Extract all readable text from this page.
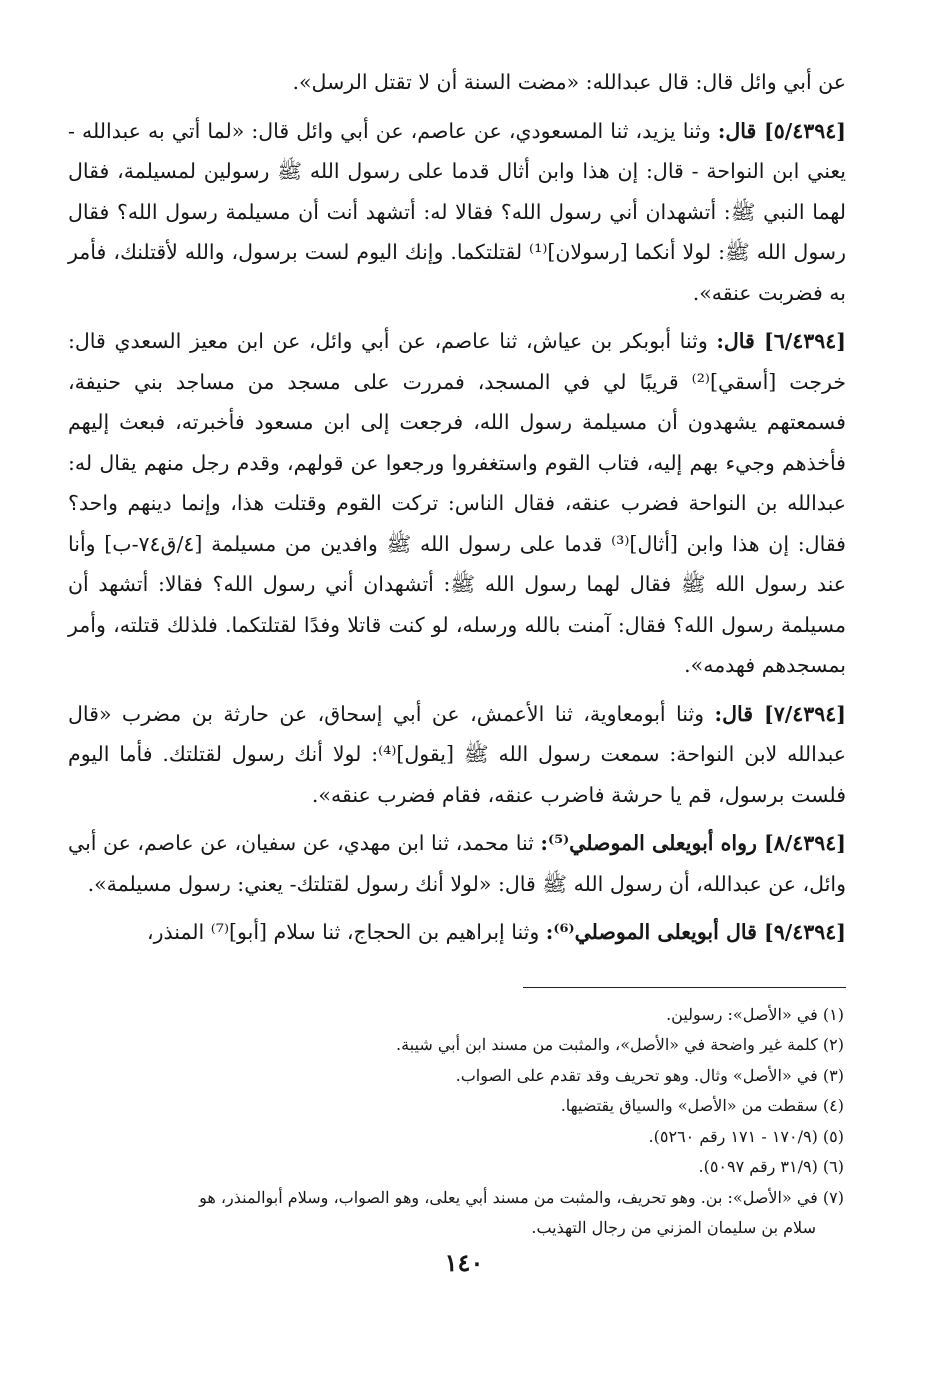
عن أبي وائل قال: قال عبدالله: «مضت السنة أن لا تقتل الرسل».

[٥/٤٣٩٤] قال: وثنا يزيد، ثنا المسعودي، عن عاصم، عن أبي وائل قال: «لما أتي به عبدالله - يعني ابن النواحة - قال: إن هذا وابن أثال قدما على رسول الله ﷺ رسولين لمسيلمة، فقال لهما النبي ﷺ: أتشهدان أني رسول الله؟ فقالا له: أتشهد أنت أن مسيلمة رسول الله؟ فقال رسول الله ﷺ: لولا أنكما [رسولان]⁽¹⁾ لقتلتكما. وإنك اليوم لست برسول، والله لأقتلنك، فأمر به فضربت عنقه».

[٦/٤٣٩٤] قال: وثنا أبوبكر بن عياش، ثنا عاصم، عن أبي وائل، عن ابن معيز السعدي قال: خرجت [أسقي]⁽²⁾ قريبًا لي في المسجد، فمررت على مسجد من مساجد بني حنيفة، فسمعتهم يشهدون أن مسيلمة رسول الله، فرجعت إلى ابن مسعود فأخبرته، فبعث إليهم فأخذهم وجيء بهم إليه، فتاب القوم واستغفروا ورجعوا عن قولهم، وقدم رجل منهم يقال له: عبدالله بن النواحة فضرب عنقه، فقال الناس: تركت القوم وقتلت هذا، وإنما دينهم واحد؟ فقال: إن هذا وابن [أثال]⁽³⁾ قدما على رسول الله ﷺ وافدين من مسيلمة [٤/ق٧٤-ب] وأنا عند رسول الله ﷺ فقال لهما رسول الله ﷺ: أتشهدان أني رسول الله؟ فقالا: أتشهد أن مسيلمة رسول الله؟ فقال: آمنت بالله ورسله، لو كنت قاتلا وفدًا لقتلتكما. فلذلك قتلته، وأمر بمسجدهم فهدمه».

[٧/٤٣٩٤] قال: وثنا أبومعاوية، ثنا الأعمش، عن أبي إسحاق، عن حارثة بن مضرب «قال عبدالله لابن النواحة: سمعت رسول الله ﷺ [يقول]⁽⁴⁾: لولا أنك رسول لقتلتك. فأما اليوم فلست برسول، قم يا حرشة فاضرب عنقه، فقام فضرب عنقه».

[٨/٤٣٩٤] رواه أبويعلى الموصلي⁽⁵⁾: ثنا محمد، ثنا ابن مهدي، عن سفيان، عن عاصم، عن أبي وائل، عن عبدالله، أن رسول الله ﷺ قال: «لولا أنك رسول لقتلتك- يعني: رسول مسيلمة».

[٩/٤٣٩٤] قال أبويعلى الموصلي⁽⁶⁾: وثنا إبراهيم بن الحجاج، ثنا سلام [أبو]⁽⁷⁾ المنذر،

(١) في «الأصل»: رسولين.

(٢) كلمة غير واضحة في «الأصل»، والمثبت من مسند ابن أبي شيبة.

(٣) في «الأصل» وثال. وهو تحريف وقد تقدم على الصواب.

(٤) سقطت من «الأصل» والسياق يقتضيها.

(٥) (١٧٠/٩ - ١٧١ رقم ٥٢٦٠).

(٦) (٣١/٩ رقم ٥٠٩٧).

(٧) في «الأصل»: بن. وهو تحريف، والمثبت من مسند أبي يعلى، وهو الصواب، وسلام أبوالمنذر، هو

سلام بن سليمان المزني من رجال التهذيب.

١٤٠
